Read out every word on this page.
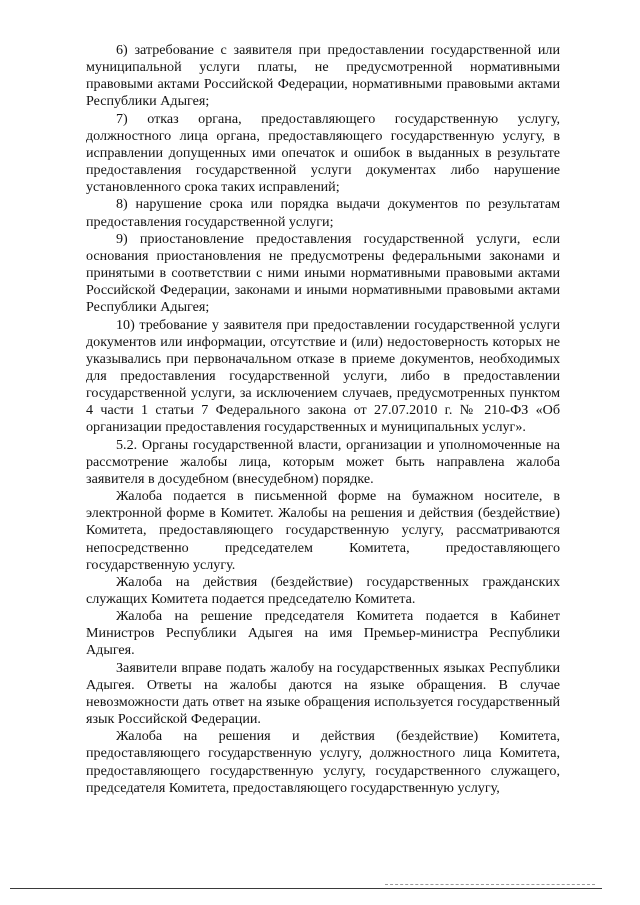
6) затребование с заявителя при предоставлении государственной или муниципальной услуги платы, не предусмотренной нормативными правовыми актами Российской Федерации, нормативными правовыми актами Республики Адыгея;

7) отказ органа, предоставляющего государственную услугу, должностного лица органа, предоставляющего государственную услугу, в исправлении допущенных ими опечаток и ошибок в выданных в результате предоставления государственной услуги документах либо нарушение установленного срока таких исправлений;

8) нарушение срока или порядка выдачи документов по результатам предоставления государственной услуги;

9) приостановление предоставления государственной услуги, если основания приостановления не предусмотрены федеральными законами и принятыми в соответствии с ними иными нормативными правовыми актами Российской Федерации, законами и иными нормативными правовыми актами Республики Адыгея;

10) требование у заявителя при предоставлении государственной услуги документов или информации, отсутствие и (или) недостоверность которых не указывались при первоначальном отказе в приеме документов, необходимых для предоставления государственной услуги, либо в предоставлении государственной услуги, за исключением случаев, предусмотренных пунктом 4 части 1 статьи 7 Федерального закона от 27.07.2010 г. № 210-ФЗ «Об организации предоставления государственных и муниципальных услуг».

5.2. Органы государственной власти, организации и уполномоченные на рассмотрение жалобы лица, которым может быть направлена жалоба заявителя в досудебном (внесудебном) порядке.

Жалоба подается в письменной форме на бумажном носителе, в электронной форме в Комитет. Жалобы на решения и действия (бездействие) Комитета, предоставляющего государственную услугу, рассматриваются непосредственно председателем Комитета, предоставляющего государственную услугу.

Жалоба на действия (бездействие) государственных гражданских служащих Комитета подается председателю Комитета.

Жалоба на решение председателя Комитета подается в Кабинет Министров Республики Адыгея на имя Премьер-министра Республики Адыгея.

Заявители вправе подать жалобу на государственных языках Республики Адыгея. Ответы на жалобы даются на языке обращения. В случае невозможности дать ответ на языке обращения используется государственный язык Российской Федерации.

Жалоба на решения и действия (бездействие) Комитета, предоставляющего государственную услугу, должностного лица Комитета, предоставляющего государственную услугу, государственного служащего, председателя Комитета, предоставляющего государственную услугу,
